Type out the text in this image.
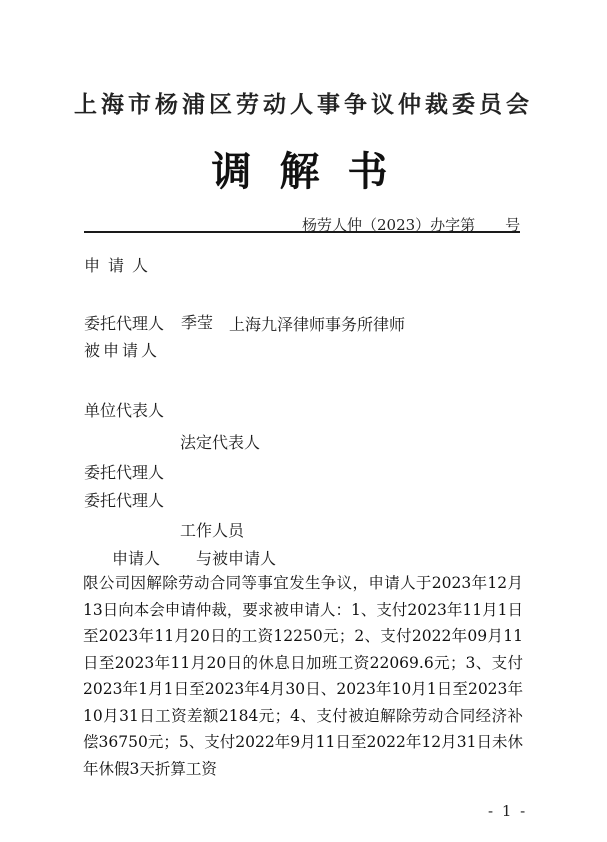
上海市杨浦区劳动人事争议仲裁委员会
调解书
杨劳人仲（2023）办字第　　号
申请人
委托代理人 季莹 上海九泽律师事务所律师
被申请人
单位代表人
法定代表人
委托代理人
委托代理人
工作人员
申请人 与被申请人

限公司因解除劳动合同等事宜发生争议，申请人于2023年12月13日向本会申请仲裁，要求被申请人：1、支付2023年11月1日至2023年11月20日的工资12250元；2、支付2022年09月11日至2023年11月20日的休息日加班工资22069.6元；3、支付2023年1月1日至2023年4月30日、2023年10月1日至2023年10月31日工资差额2184元；4、支付被迫解除劳动合同经济补偿36750元；5、支付2022年9月11日至2022年12月31日未休年休假3天折算工资

- 1 -
